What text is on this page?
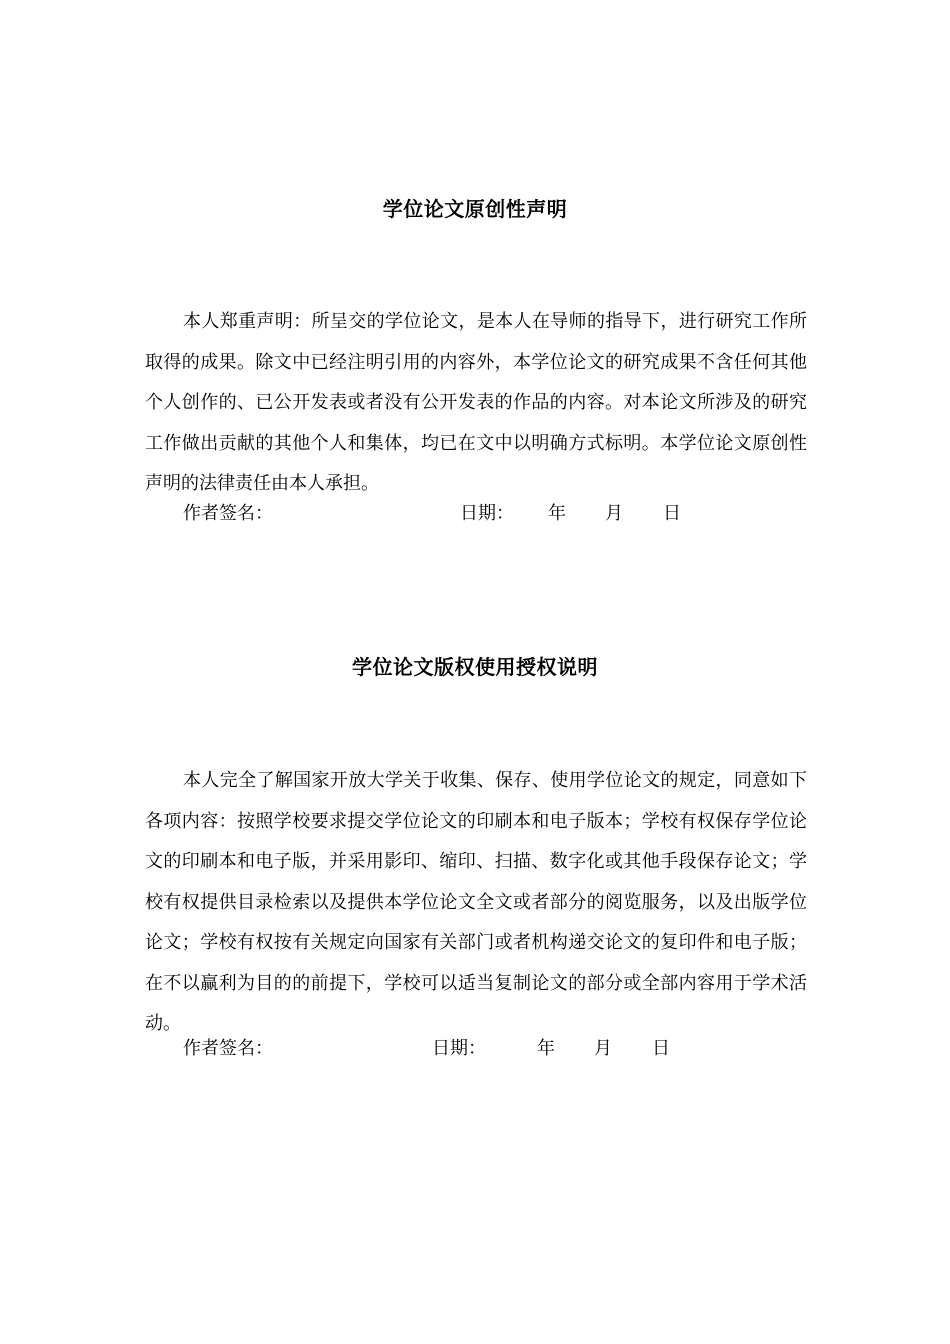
学位论文原创性声明

本人郑重声明：所呈交的学位论文，是本人在导师的指导下，进行研究工作所取得的成果。除文中已经注明引用的内容外，本学位论文的研究成果不含任何其他个人创作的、已公开发表或者没有公开发表的作品的内容。对本论文所涉及的研究工作做出贡献的其他个人和集体，均已在文中以明确方式标明。本学位论文原创性声明的法律责任由本人承担。

作者签名：	日期： 年 月 日
学位论文版权使用授权说明

本人完全了解国家开放大学关于收集、保存、使用学位论文的规定，同意如下各项内容：按照学校要求提交学位论文的印刷本和电子版本；学校有权保存学位论文的印刷本和电子版，并采用影印、缩印、扫描、数字化或其他手段保存论文；学校有权提供目录检索以及提供本学位论文全文或者部分的阅览服务，以及出版学位论文；学校有权按有关规定向国家有关部门或者机构递交论文的复印件和电子版；在不以赢利为目的的前提下，学校可以适当复制论文的部分或全部内容用于学术活动。

作者签名：	日期：	年 月 日
